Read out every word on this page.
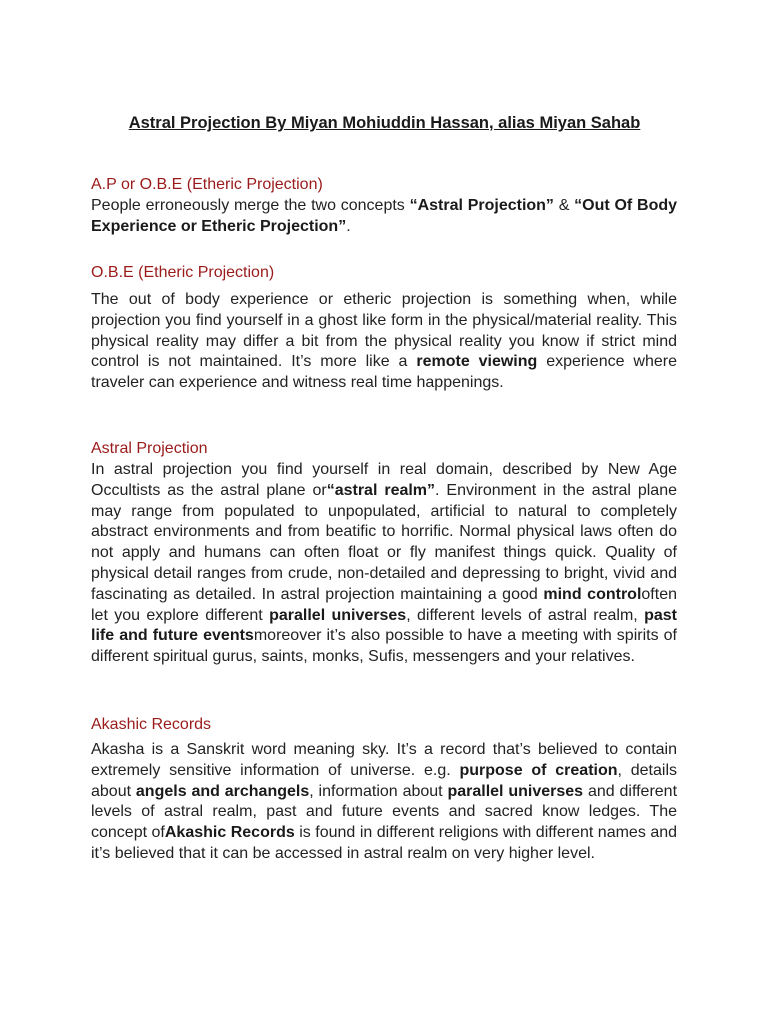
Astral Projection By Miyan Mohiuddin Hassan, alias Miyan Sahab
A.P or O.B.E (Etheric Projection)
People erroneously merge the two concepts “Astral Projection” & “Out Of Body Experience or Etheric Projection”.
O.B.E (Etheric Projection)
The out of body experience or etheric projection is something when, while projection you find yourself in a ghost like form in the physical/material reality. This physical reality may differ a bit from the physical reality you know if strict mind control is not maintained. It’s more like a remote viewing experience where traveler can experience and witness real time happenings.
Astral Projection
In astral projection you find yourself in real domain, described by New Age Occultists as the astral plane or“astral realm”. Environment in the astral plane may range from populated to unpopulated, artificial to natural to completely abstract environments and from beatific to horrific. Normal physical laws often do not apply and humans can often float or fly manifest things quick. Quality of physical detail ranges from crude, non-detailed and depressing to bright, vivid and fascinating as detailed. In astral projection maintaining a good mind controloften let you explore different parallel universes, different levels of astral realm, past life and future eventsmoreover it’s also possible to have a meeting with spirits of different spiritual gurus, saints, monks, Sufis, messengers and your relatives.
Akashic Records
Akasha is a Sanskrit word meaning sky. It’s a record that’s believed to contain extremely sensitive information of universe. e.g. purpose of creation, details about angels and archangels, information about parallel universes and different levels of astral realm, past and future events and sacred know ledges. The concept ofAkashic Records is found in different religions with different names and it’s believed that it can be accessed in astral realm on very higher level.
